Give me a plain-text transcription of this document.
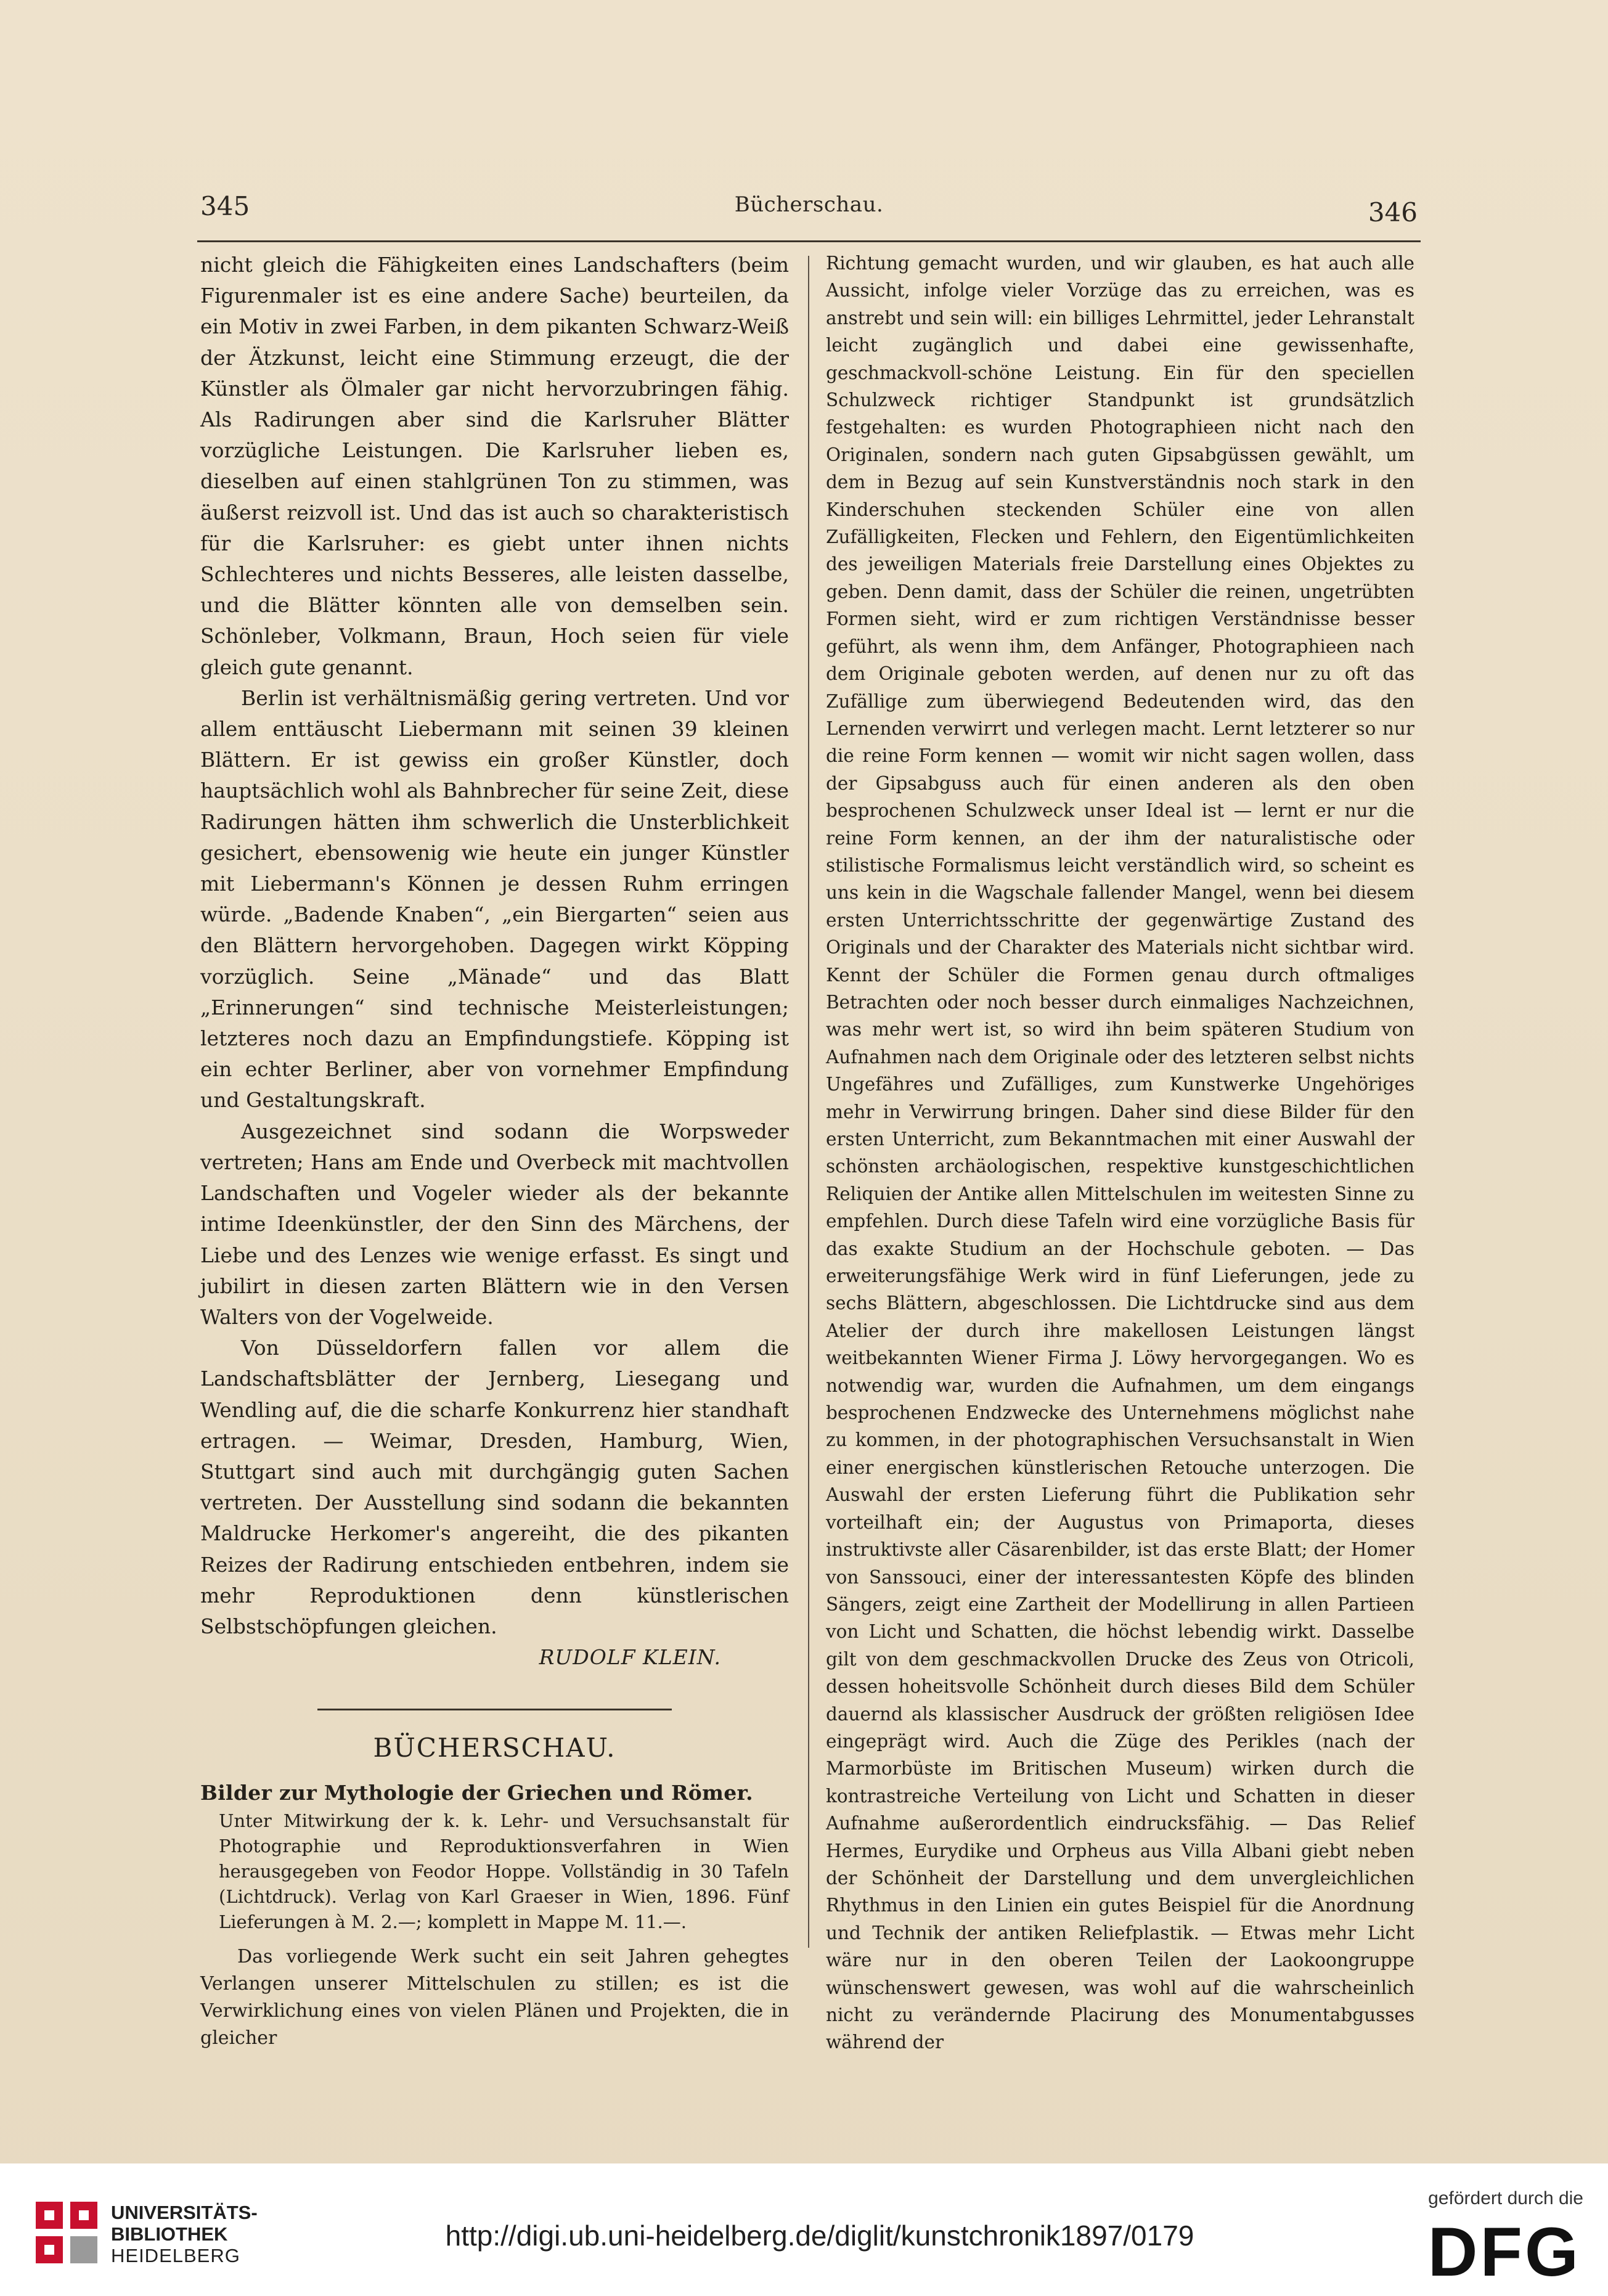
345	Bücherschau.	346

nicht gleich die Fähigkeiten eines Landschafters (beim Figurenmaler ist es eine andere Sache) beurteilen, da ein Motiv in zwei Farben, in dem pikanten Schwarz-Weiß der Ätzkunst, leicht eine Stimmung erzeugt, die der Künstler als Ölmaler gar nicht hervorzubringen fähig. Als Radirungen aber sind die Karlsruher Blätter vorzügliche Leistungen. Die Karlsruher lieben es, dieselben auf einen stahlgrünen Ton zu stimmen, was äußerst reizvoll ist. Und das ist auch so charakteristisch für die Karlsruher: es giebt unter ihnen nichts Schlechteres und nichts Besseres, alle leisten dasselbe, und die Blätter könnten alle von demselben sein. Schönleber, Volkmann, Braun, Hoch seien für viele gleich gute genannt.

Berlin ist verhältnismäßig gering vertreten. Und vor allem enttäuscht Liebermann mit seinen 39 kleinen Blättern. Er ist gewiss ein großer Künstler, doch hauptsächlich wohl als Bahnbrecher für seine Zeit, diese Radirungen hätten ihm schwerlich die Unsterblichkeit gesichert, ebensowenig wie heute ein junger Künstler mit Liebermann's Können je dessen Ruhm erringen würde. „Badende Knaben“, „ein Biergarten“ seien aus den Blättern hervorgehoben. Dagegen wirkt Köpping vorzüglich. Seine „Mänade“ und das Blatt „Erinnerungen“ sind technische Meisterleistungen; letzteres noch dazu an Empfindungstiefe. Köpping ist ein echter Berliner, aber von vornehmer Empfindung und Gestaltungskraft.

Ausgezeichnet sind sodann die Worpsweder vertreten; Hans am Ende und Overbeck mit machtvollen Landschaften und Vogeler wieder als der bekannte intime Ideenkünstler, der den Sinn des Märchens, der Liebe und des Lenzes wie wenige erfasst. Es singt und jubilirt in diesen zarten Blättern wie in den Versen Walters von der Vogelweide.

Von Düsseldorfern fallen vor allem die Landschaftsblätter der Jernberg, Liesegang und Wendling auf, die die scharfe Konkurrenz hier standhaft ertragen. — Weimar, Dresden, Hamburg, Wien, Stuttgart sind auch mit durchgängig guten Sachen vertreten. Der Ausstellung sind sodann die bekannten Maldrucke Herkomer's angereiht, die des pikanten Reizes der Radirung entschieden entbehren, indem sie mehr Reproduktionen denn künstlerischen Selbstschöpfungen gleichen.

RUDOLF KLEIN.

BÜCHERSCHAU.

Bilder zur Mythologie der Griechen und Römer.

Unter Mitwirkung der k. k. Lehr- und Versuchsanstalt für Photographie und Reproduktionsverfahren in Wien herausgegeben von Feodor Hoppe. Vollständig in 30 Tafeln (Lichtdruck). Verlag von Karl Graeser in Wien, 1896. Fünf Lieferungen à M. 2.—; komplett in Mappe M. 11.—.

Das vorliegende Werk sucht ein seit Jahren gehegtes Verlangen unserer Mittelschulen zu stillen; es ist die Verwirklichung eines von vielen Plänen und Projekten, die in gleicher

Richtung gemacht wurden, und wir glauben, es hat auch alle Aussicht, infolge vieler Vorzüge das zu erreichen, was es anstrebt und sein will: ein billiges Lehrmittel, jeder Lehranstalt leicht zugänglich und dabei eine gewissenhafte, geschmackvoll-schöne Leistung. Ein für den speciellen Schulzweck richtiger Standpunkt ist grundsätzlich festgehalten: es wurden Photographieen nicht nach den Originalen, sondern nach guten Gipsabgüssen gewählt, um dem in Bezug auf sein Kunstverständnis noch stark in den Kinderschuhen steckenden Schüler eine von allen Zufälligkeiten, Flecken und Fehlern, den Eigentümlichkeiten des jeweiligen Materials freie Darstellung eines Objektes zu geben. Denn damit, dass der Schüler die reinen, ungetrübten Formen sieht, wird er zum richtigen Verständnisse besser geführt, als wenn ihm, dem Anfänger, Photographieen nach dem Originale geboten werden, auf denen nur zu oft das Zufällige zum überwiegend Bedeutenden wird, das den Lernenden verwirrt und verlegen macht. Lernt letzterer so nur die reine Form kennen — womit wir nicht sagen wollen, dass der Gipsabguss auch für einen anderen als den oben besprochenen Schulzweck unser Ideal ist — lernt er nur die reine Form kennen, an der ihm der naturalistische oder stilistische Formalismus leicht verständlich wird, so scheint es uns kein in die Wagschale fallender Mangel, wenn bei diesem ersten Unterrichtsschritte der gegenwärtige Zustand des Originals und der Charakter des Materials nicht sichtbar wird. Kennt der Schüler die Formen genau durch oftmaliges Betrachten oder noch besser durch einmaliges Nachzeichnen, was mehr wert ist, so wird ihn beim späteren Studium von Aufnahmen nach dem Originale oder des letzteren selbst nichts Ungefähres und Zufälliges, zum Kunstwerke Ungehöriges mehr in Verwirrung bringen. Daher sind diese Bilder für den ersten Unterricht, zum Bekanntmachen mit einer Auswahl der schönsten archäologischen, respektive kunstgeschichtlichen Reliquien der Antike allen Mittelschulen im weitesten Sinne zu empfehlen. Durch diese Tafeln wird eine vorzügliche Basis für das exakte Studium an der Hochschule geboten. — Das erweiterungsfähige Werk wird in fünf Lieferungen, jede zu sechs Blättern, abgeschlossen. Die Lichtdrucke sind aus dem Atelier der durch ihre makellosen Leistungen längst weitbekannten Wiener Firma J. Löwy hervorgegangen. Wo es notwendig war, wurden die Aufnahmen, um dem eingangs besprochenen Endzwecke des Unternehmens möglichst nahe zu kommen, in der photographischen Versuchsanstalt in Wien einer energischen künstlerischen Retouche unterzogen. Die Auswahl der ersten Lieferung führt die Publikation sehr vorteilhaft ein; der Augustus von Primaporta, dieses instruktivste aller Cäsarenbilder, ist das erste Blatt; der Homer von Sanssouci, einer der interessantesten Köpfe des blinden Sängers, zeigt eine Zartheit der Modellirung in allen Partieen von Licht und Schatten, die höchst lebendig wirkt. Dasselbe gilt von dem geschmackvollen Drucke des Zeus von Otricoli, dessen hoheitsvolle Schönheit durch dieses Bild dem Schüler dauernd als klassischer Ausdruck der größten religiösen Idee eingeprägt wird. Auch die Züge des Perikles (nach der Marmorbüste im Britischen Museum) wirken durch die kontrastreiche Verteilung von Licht und Schatten in dieser Aufnahme außerordentlich eindrucksfähig. — Das Relief Hermes, Eurydike und Orpheus aus Villa Albani giebt neben der Schönheit der Darstellung und dem unvergleichlichen Rhythmus in den Linien ein gutes Beispiel für die Anordnung und Technik der antiken Reliefplastik. — Etwas mehr Licht wäre nur in den oberen Teilen der Laokoongruppe wünschenswert gewesen, was wohl auf die wahrscheinlich nicht zu verändernde Placirung des Monumentabgusses während der

UNIVERSITÄTS-
BIBLIOTHEK
HEIDELBERG
http://digi.ub.uni-heidelberg.de/diglit/kunstchronik1897/0179
gefördert durch die
DFG
